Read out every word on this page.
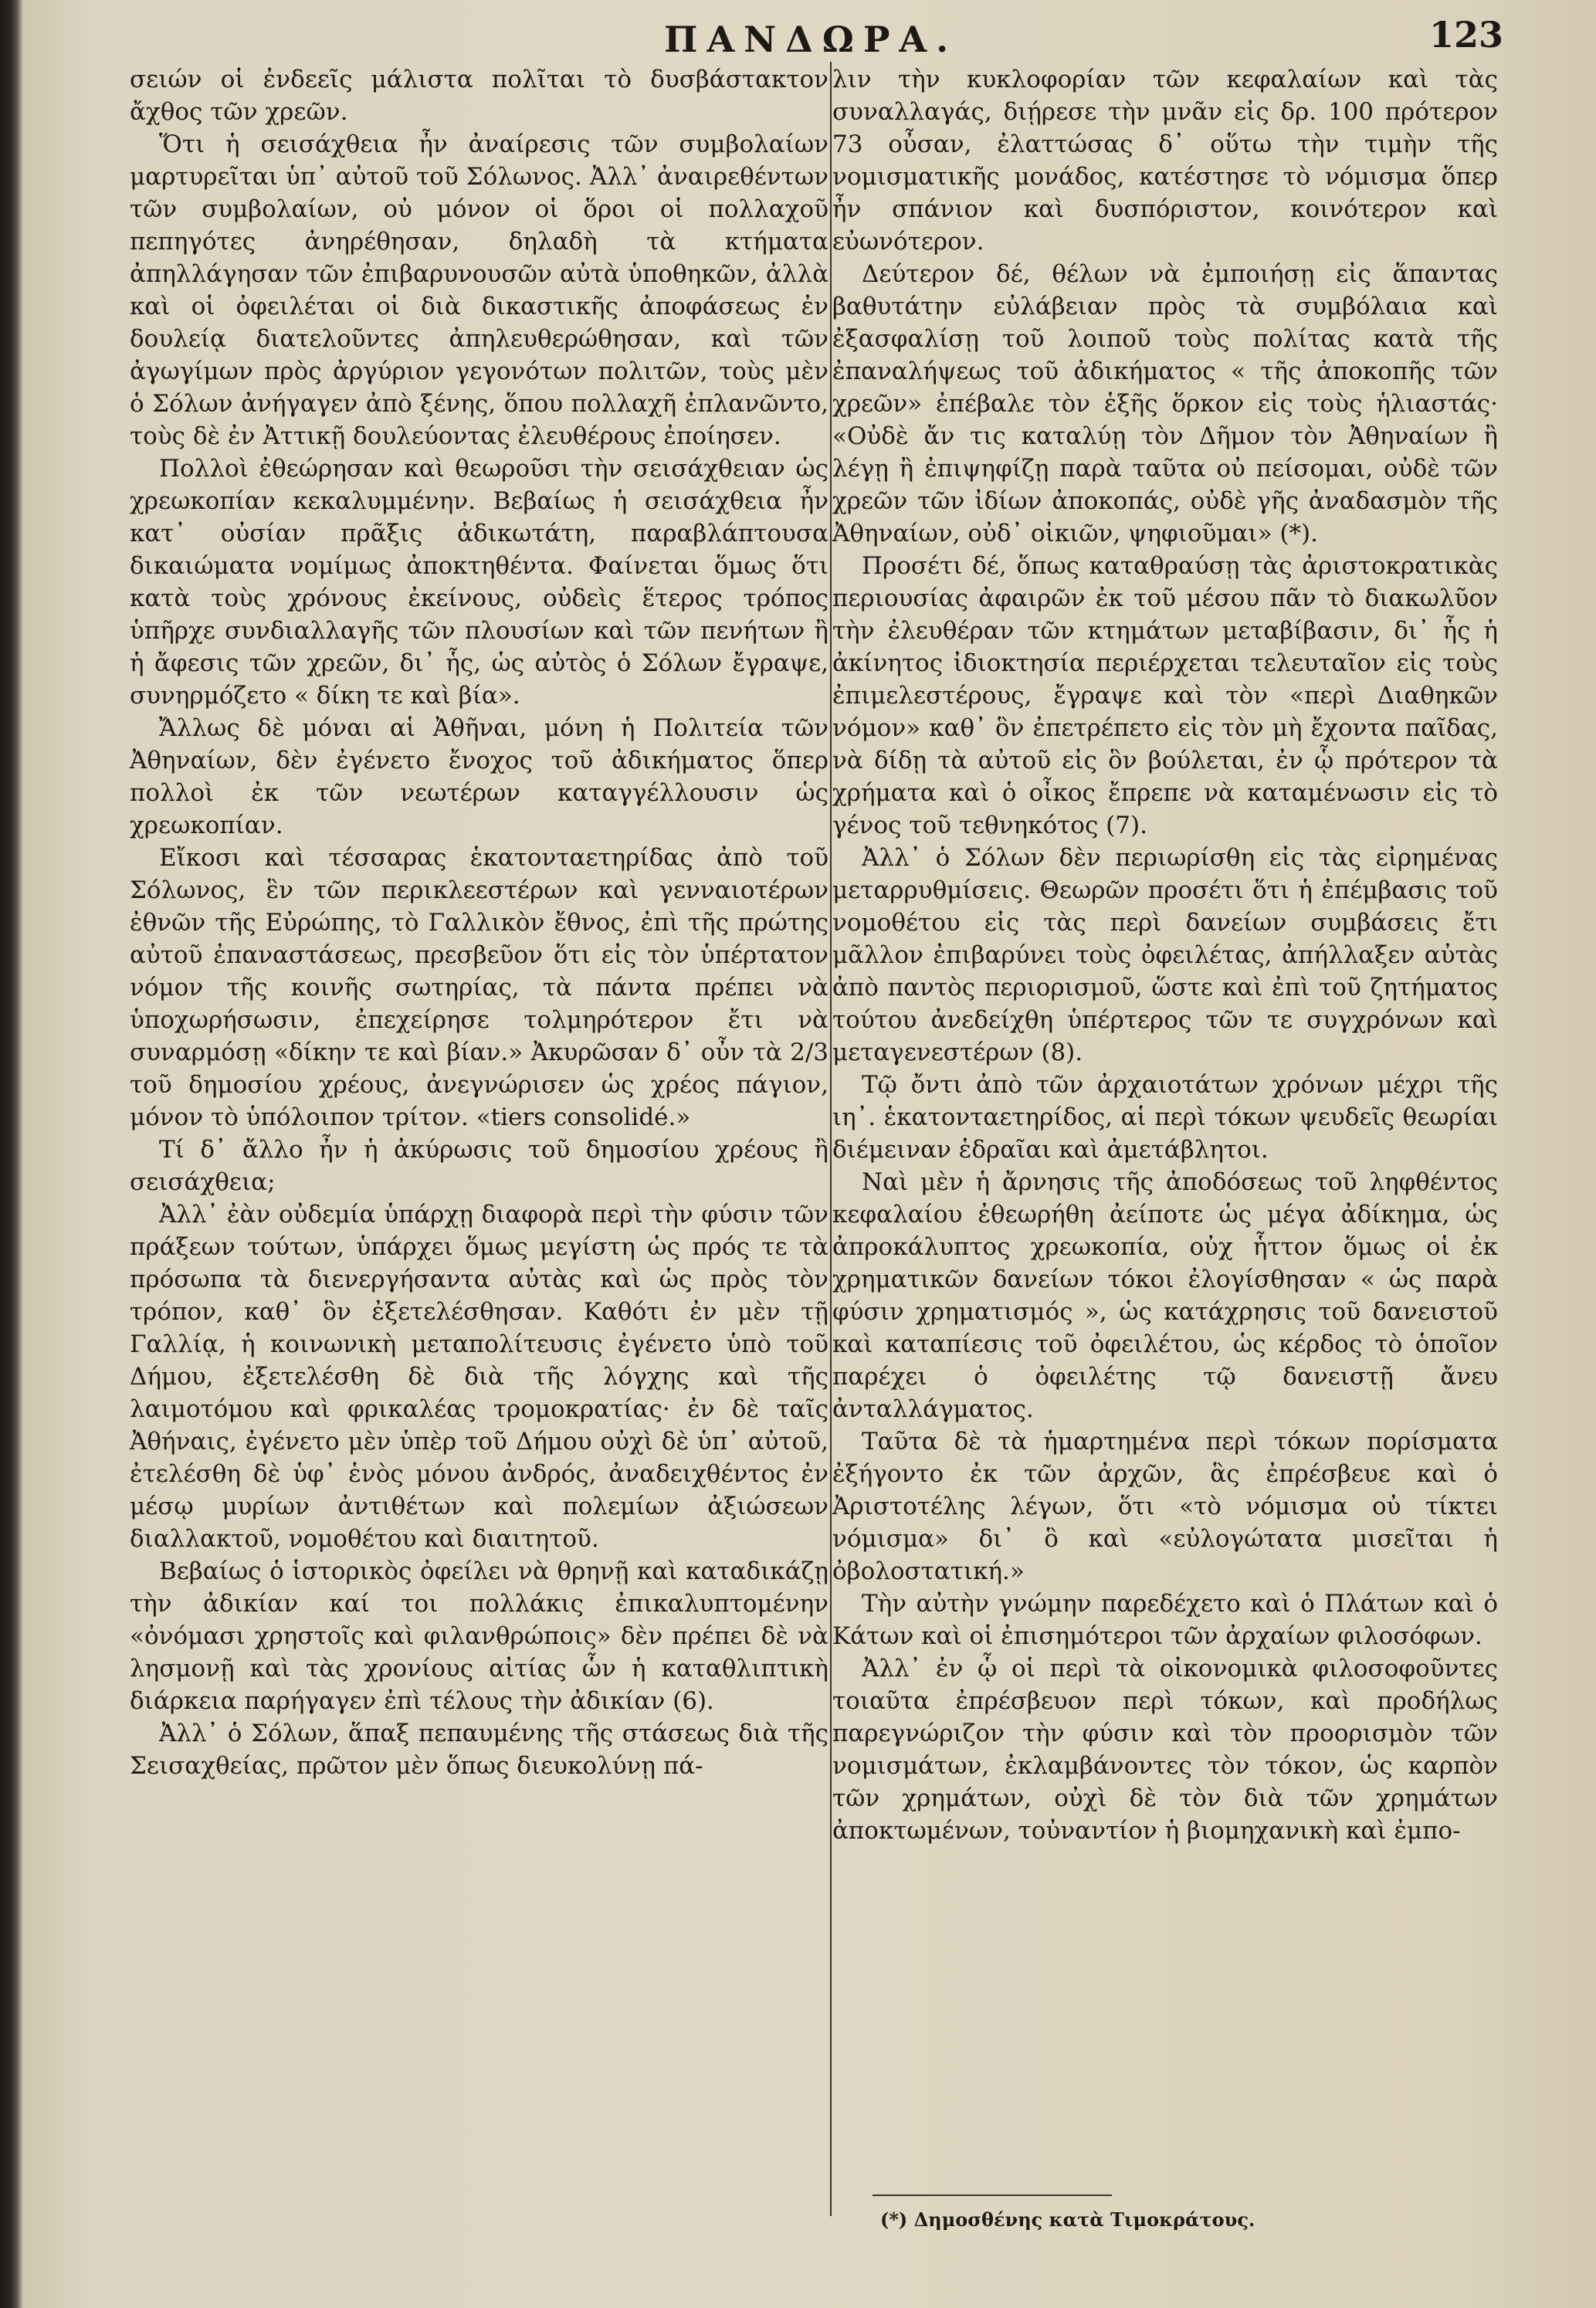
ΠΑΝΔΩΡΑ.	123

σειών οἱ ἐνδεεῖς μάλιστα πολῖται τὸ δυσβάστακτον ἄχθος τῶν χρεῶν.

Ὅτι ἡ σεισάχθεια ἦν ἀναίρεσις τῶν συμβολαίων μαρτυρεῖται ὑπ᾽ αὐτοῦ τοῦ Σόλωνος. Ἀλλ᾽ ἀναιρεθέντων τῶν συμβολαίων, οὐ μόνον οἱ ὅροι οἱ πολλαχοῦ πεπηγότες ἀνηρέθησαν, δηλαδὴ τὰ κτήματα ἀπηλλάγησαν τῶν ἐπιβαρυνουσῶν αὐτὰ ὑποθηκῶν, ἀλλὰ καὶ οἱ ὀφειλέται οἱ διὰ δικαστικῆς ἀποφάσεως ἐν δουλείᾳ διατελοῦντες ἀπηλευθερώθησαν, καὶ τῶν ἀγωγίμων πρὸς ἀργύριον γεγονότων πολιτῶν, τοὺς μὲν ὁ Σόλων ἀνήγαγεν ἀπὸ ξένης, ὅπου πολλαχῆ ἐπλανῶντο, τοὺς δὲ ἐν Ἀττικῇ δουλεύοντας ἐλευθέρους ἐποίησεν.

Πολλοὶ ἐθεώρησαν καὶ θεωροῦσι τὴν σεισάχθειαν ὡς χρεωκοπίαν κεκαλυμμένην. Βεβαίως ἡ σεισάχθεια ἦν κατ᾽ οὐσίαν πρᾶξις ἀδικωτάτη, παραβλάπτουσα δικαιώματα νομίμως ἀποκτηθέντα. Φαίνεται ὅμως ὅτι κατὰ τοὺς χρόνους ἐκείνους, οὐδεὶς ἕτερος τρόπος ὑπῆρχε συνδιαλλαγῆς τῶν πλουσίων καὶ τῶν πενήτων ἢ ἡ ἄφεσις τῶν χρεῶν, δι᾽ ἧς, ὡς αὐτὸς ὁ Σόλων ἔγραψε, συνηρμόζετο « δίκη τε καὶ βία».

Ἄλλως δὲ μόναι αἱ Ἀθῆναι, μόνη ἡ Πολιτεία τῶν Ἀθηναίων, δὲν ἐγένετο ἔνοχος τοῦ ἀδικήματος ὅπερ πολλοὶ ἐκ τῶν νεωτέρων καταγγέλλουσιν ὡς χρεωκοπίαν.

Εἴκοσι καὶ τέσσαρας ἑκατονταετηρίδας ἀπὸ τοῦ Σόλωνος, ἓν τῶν περικλεεστέρων καὶ γενναιοτέρων ἐθνῶν τῆς Εὐρώπης, τὸ Γαλλικὸν ἔθνος, ἐπὶ τῆς πρώτης αὐτοῦ ἐπαναστάσεως, πρεσβεῦον ὅτι εἰς τὸν ὑπέρτατον νόμον τῆς κοινῆς σωτηρίας, τὰ πάντα πρέπει νὰ ὑποχωρήσωσιν, ἐπεχείρησε τολμηρότερον ἔτι νὰ συναρμόσῃ «δίκην τε καὶ βίαν.» Ἀκυρῶσαν δ᾽ οὖν τὰ 2/3 τοῦ δημοσίου χρέους, ἀνεγνώρισεν ὡς χρέος πάγιον, μόνον τὸ ὑπόλοιπον τρίτον. «tiers consolidé.»

Τί δ᾽ ἄλλο ἦν ἡ ἀκύρωσις τοῦ δημοσίου χρέους ἢ σεισάχθεια;

Ἀλλ᾽ ἐὰν οὐδεμία ὑπάρχῃ διαφορὰ περὶ τὴν φύσιν τῶν πράξεων τούτων, ὑπάρχει ὅμως μεγίστη ὡς πρός τε τὰ πρόσωπα τὰ διενεργήσαντα αὐτὰς καὶ ὡς πρὸς τὸν τρόπον, καθ᾽ ὃν ἐξετελέσθησαν. Καθότι ἐν μὲν τῇ Γαλλίᾳ, ἡ κοινωνικὴ μεταπολίτευσις ἐγένετο ὑπὸ τοῦ Δήμου, ἐξετελέσθη δὲ διὰ τῆς λόγχης καὶ τῆς λαιμοτόμου καὶ φρικαλέας τρομοκρατίας· ἐν δὲ ταῖς Ἀθήναις, ἐγένετο μὲν ὑπὲρ τοῦ Δήμου οὐχὶ δὲ ὑπ᾽ αὐτοῦ, ἐτελέσθη δὲ ὑφ᾽ ἑνὸς μόνου ἀνδρός, ἀναδειχθέντος ἐν μέσῳ μυρίων ἀντιθέτων καὶ πολεμίων ἀξιώσεων διαλλακτοῦ, νομοθέτου καὶ διαιτητοῦ.

Βεβαίως ὁ ἱστορικὸς ὀφείλει νὰ θρηνῇ καὶ καταδικάζῃ τὴν ἀδικίαν καί τοι πολλάκις ἐπικαλυπτομένην «ὀνόμασι χρηστοῖς καὶ φιλανθρώποις» δὲν πρέπει δὲ νὰ λησμονῇ καὶ τὰς χρονίους αἰτίας ὧν ἡ καταθλιπτικὴ διάρκεια παρήγαγεν ἐπὶ τέλους τὴν ἀδικίαν (6).

Ἀλλ᾽ ὁ Σόλων, ἅπαξ πεπαυμένης τῆς στάσεως διὰ τῆς Σεισαχθείας, πρῶτον μὲν ὅπως διευκολύνῃ πά-

λιν τὴν κυκλοφορίαν τῶν κεφαλαίων καὶ τὰς συναλλαγάς, διῄρεσε τὴν μνᾶν εἰς δρ. 100 πρότερον 73 οὖσαν, ἐλαττώσας δ᾽ οὕτω τὴν τιμὴν τῆς νομισματικῆς μονάδος, κατέστησε τὸ νόμισμα ὅπερ ἦν σπάνιον καὶ δυσπόριστον, κοινότερον καὶ εὐωνότερον.

Δεύτερον δέ, θέλων νὰ ἐμποιήσῃ εἰς ἅπαντας βαθυτάτην εὐλάβειαν πρὸς τὰ συμβόλαια καὶ ἐξασφαλίσῃ τοῦ λοιποῦ τοὺς πολίτας κατὰ τῆς ἐπαναλήψεως τοῦ ἀδικήματος « τῆς ἀποκοπῆς τῶν χρεῶν» ἐπέβαλε τὸν ἑξῆς ὅρκον εἰς τοὺς ἡλιαστάς· «Οὐδὲ ἄν τις καταλύῃ τὸν Δῆμον τὸν Ἀθηναίων ἢ λέγῃ ἢ ἐπιψηφίζῃ παρὰ ταῦτα οὐ πείσομαι, οὐδὲ τῶν χρεῶν τῶν ἰδίων ἀποκοπάς, οὐδὲ γῆς ἀναδασμὸν τῆς Ἀθηναίων, οὐδ᾽ οἰκιῶν, ψηφιοῦμαι» (*).

Προσέτι δέ, ὅπως καταθραύσῃ τὰς ἀριστοκρατικὰς περιουσίας ἀφαιρῶν ἐκ τοῦ μέσου πᾶν τὸ διακωλῦον τὴν ἐλευθέραν τῶν κτημάτων μεταβίβασιν, δι᾽ ἧς ἡ ἀκίνητος ἰδιοκτησία περιέρχεται τελευταῖον εἰς τοὺς ἐπιμελεστέρους, ἔγραψε καὶ τὸν «περὶ Διαθηκῶν νόμον» καθ᾽ ὃν ἐπετρέπετο εἰς τὸν μὴ ἔχοντα παῖδας, νὰ δίδῃ τὰ αὐτοῦ εἰς ὃν βούλεται, ἐν ᾧ πρότερον τὰ χρήματα καὶ ὁ οἶκος ἔπρεπε νὰ καταμένωσιν εἰς τὸ γένος τοῦ τεθνηκότος (7).

Ἀλλ᾽ ὁ Σόλων δὲν περιωρίσθη εἰς τὰς εἰρημένας μεταρρυθμίσεις. Θεωρῶν προσέτι ὅτι ἡ ἐπέμβασις τοῦ νομοθέτου εἰς τὰς περὶ δανείων συμβάσεις ἔτι μᾶλλον ἐπιβαρύνει τοὺς ὀφειλέτας, ἀπήλλαξεν αὐτὰς ἀπὸ παντὸς περιορισμοῦ, ὥστε καὶ ἐπὶ τοῦ ζητήματος τούτου ἀνεδείχθη ὑπέρτερος τῶν τε συγχρόνων καὶ μεταγενεστέρων (8).

Τῷ ὄντι ἀπὸ τῶν ἀρχαιοτάτων χρόνων μέχρι τῆς ιη᾽. ἑκατονταετηρίδος, αἱ περὶ τόκων ψευδεῖς θεωρίαι διέμειναν ἑδραῖαι καὶ ἀμετάβλητοι.

Ναὶ μὲν ἡ ἄρνησις τῆς ἀποδόσεως τοῦ ληφθέντος κεφαλαίου ἐθεωρήθη ἀείποτε ὡς μέγα ἀδίκημα, ὡς ἀπροκάλυπτος χρεωκοπία, οὐχ ἧττον ὅμως οἱ ἐκ χρηματικῶν δανείων τόκοι ἐλογίσθησαν « ὡς παρὰ φύσιν χρηματισμός », ὡς κατάχρησις τοῦ δανειστοῦ καὶ καταπίεσις τοῦ ὀφειλέτου, ὡς κέρδος τὸ ὁποῖον παρέχει ὁ ὀφειλέτης τῷ δανειστῇ ἄνευ ἀνταλλάγματος.

Ταῦτα δὲ τὰ ἡμαρτημένα περὶ τόκων πορίσματα ἐξήγοντο ἐκ τῶν ἀρχῶν, ἃς ἐπρέσβευε καὶ ὁ Ἀριστοτέλης λέγων, ὅτι «τὸ νόμισμα οὐ τίκτει νόμισμα» δι᾽ ὃ καὶ «εὐλογώτατα μισεῖται ἡ ὀβολοστατική.»

Τὴν αὐτὴν γνώμην παρεδέχετο καὶ ὁ Πλάτων καὶ ὁ Κάτων καὶ οἱ ἐπισημότεροι τῶν ἀρχαίων φιλοσόφων.

Ἀλλ᾽ ἐν ᾧ οἱ περὶ τὰ οἰκονομικὰ φιλοσοφοῦντες τοιαῦτα ἐπρέσβευον περὶ τόκων, καὶ προδήλως παρεγνώριζον τὴν φύσιν καὶ τὸν προορισμὸν τῶν νομισμάτων, ἐκλαμβάνοντες τὸν τόκον, ὡς καρπὸν τῶν χρημάτων, οὐχὶ δὲ τὸν διὰ τῶν χρημάτων ἀποκτωμένων, τοὐναντίον ἡ βιομηχανικὴ καὶ ἐμπο-

(*) Δημοσθένης κατὰ Τιμοκράτους.
